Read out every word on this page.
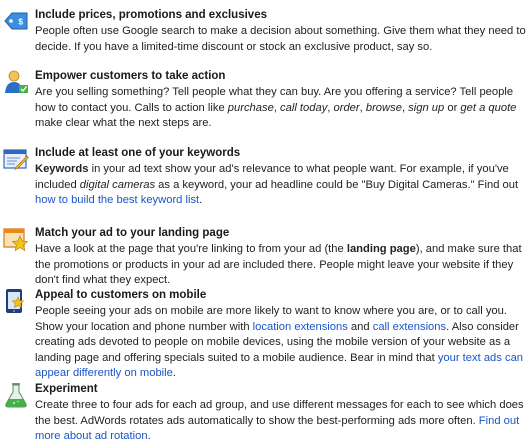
$
Include prices, promotions and exclusives
People often use Google search to make a decision about something. Give them what they need to decide. If you have a limited-time discount or stock an exclusive product, say so.
Empower customers to take action
Are you selling something? Tell people what they can buy. Are you offering a service? Tell people how to contact you. Calls to action like purchase, call today, order, browse, sign up or get a quote make clear what the next steps are.
Include at least one of your keywords
Keywords in your ad text show your ad's relevance to what people want. For example, if you've included digital cameras as a keyword, your ad headline could be "Buy Digital Cameras." Find out how to build the best keyword list.
Match your ad to your landing page
Have a look at the page that you're linking to from your ad (the landing page), and make sure that the promotions or products in your ad are included there. People might leave your website if they don't find what they expect.
Appeal to customers on mobile
People seeing your ads on mobile are more likely to want to know where you are, or to call you. Show your location and phone number with location extensions and call extensions. Also consider creating ads devoted to people on mobile devices, using the mobile version of your website as a landing page and offering specials suited to a mobile audience. Bear in mind that your text ads can appear differently on mobile.
Experiment
Create three to four ads for each ad group, and use different messages for each to see which does the best. AdWords rotates ads automatically to show the best-performing ads more often. Find out more about ad rotation.
